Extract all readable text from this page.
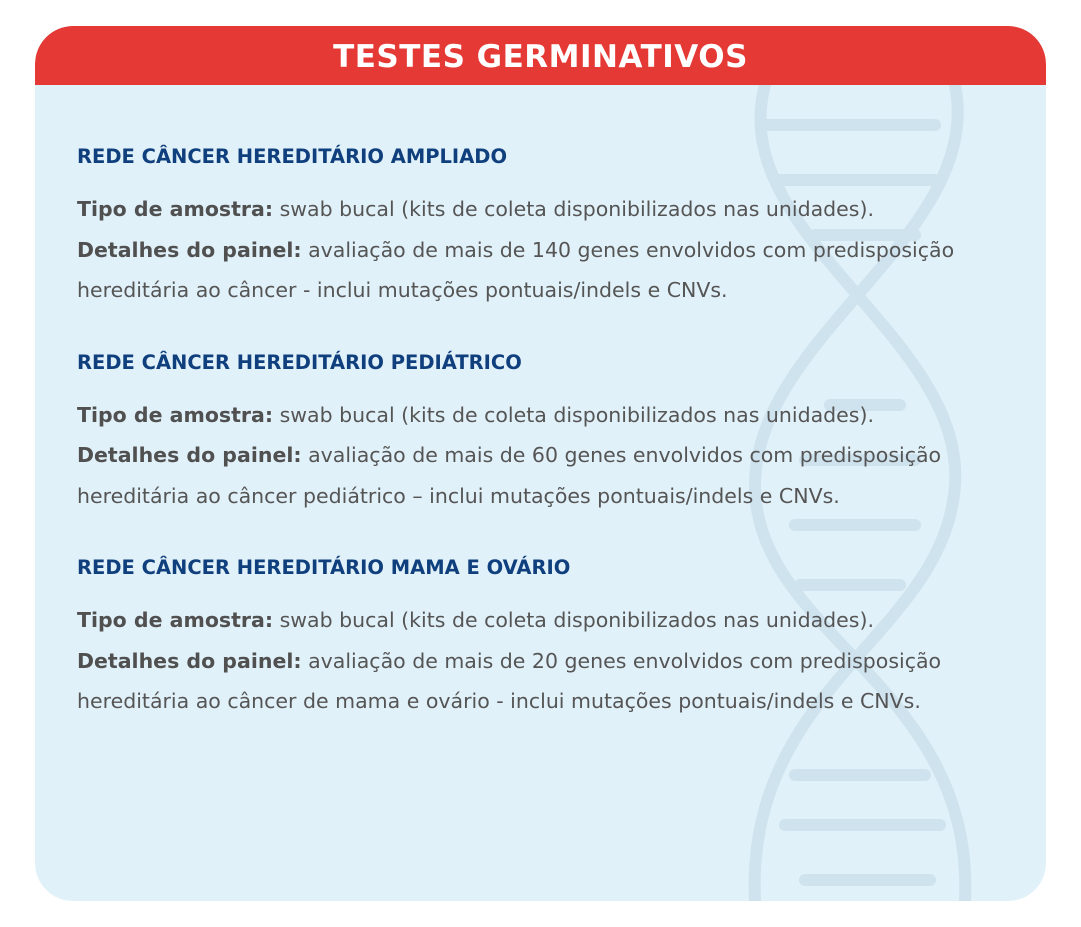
TESTES GERMINATIVOS
REDE CÂNCER HEREDITÁRIO AMPLIADO

Tipo de amostra: swab bucal (kits de coleta disponibilizados nas unidades).
Detalhes do painel: avaliação de mais de 140 genes envolvidos com predisposição hereditária ao câncer - inclui mutações pontuais/indels e CNVs.

REDE CÂNCER HEREDITÁRIO PEDIÁTRICO

Tipo de amostra: swab bucal (kits de coleta disponibilizados nas unidades).
Detalhes do painel: avaliação de mais de 60 genes envolvidos com predisposição hereditária ao câncer pediátrico – inclui mutações pontuais/indels e CNVs.

REDE CÂNCER HEREDITÁRIO MAMA E OVÁRIO

Tipo de amostra: swab bucal (kits de coleta disponibilizados nas unidades).
Detalhes do painel: avaliação de mais de 20 genes envolvidos com predisposição hereditária ao câncer de mama e ovário - inclui mutações pontuais/indels e CNVs.
